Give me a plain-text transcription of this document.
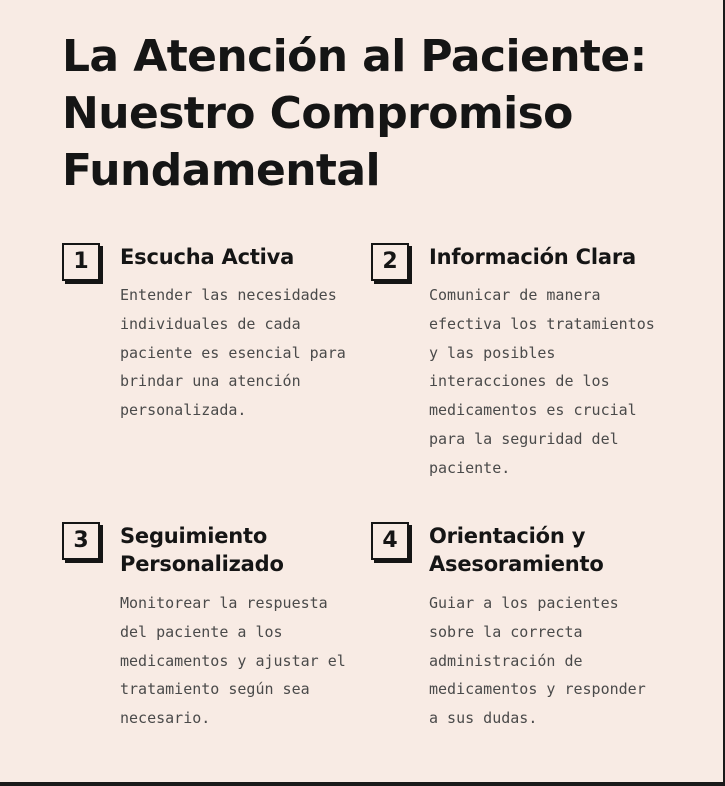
La Atención al Paciente:
Nuestro Compromiso
Fundamental
1	Escucha Activa

Entender las necesidades
individuales de cada
paciente es esencial para
brindar una atención
personalizada.

2	Información Clara

Comunicar de manera
efectiva los tratamientos
y las posibles
interacciones de los
medicamentos es crucial
para la seguridad del
paciente.

3	Seguimiento
Personalizado

Monitorear la respuesta
del paciente a los
medicamentos y ajustar el
tratamiento según sea
necesario.

4	Orientación y
Asesoramiento

Guiar a los pacientes
sobre la correcta
administración de
medicamentos y responder
a sus dudas.
